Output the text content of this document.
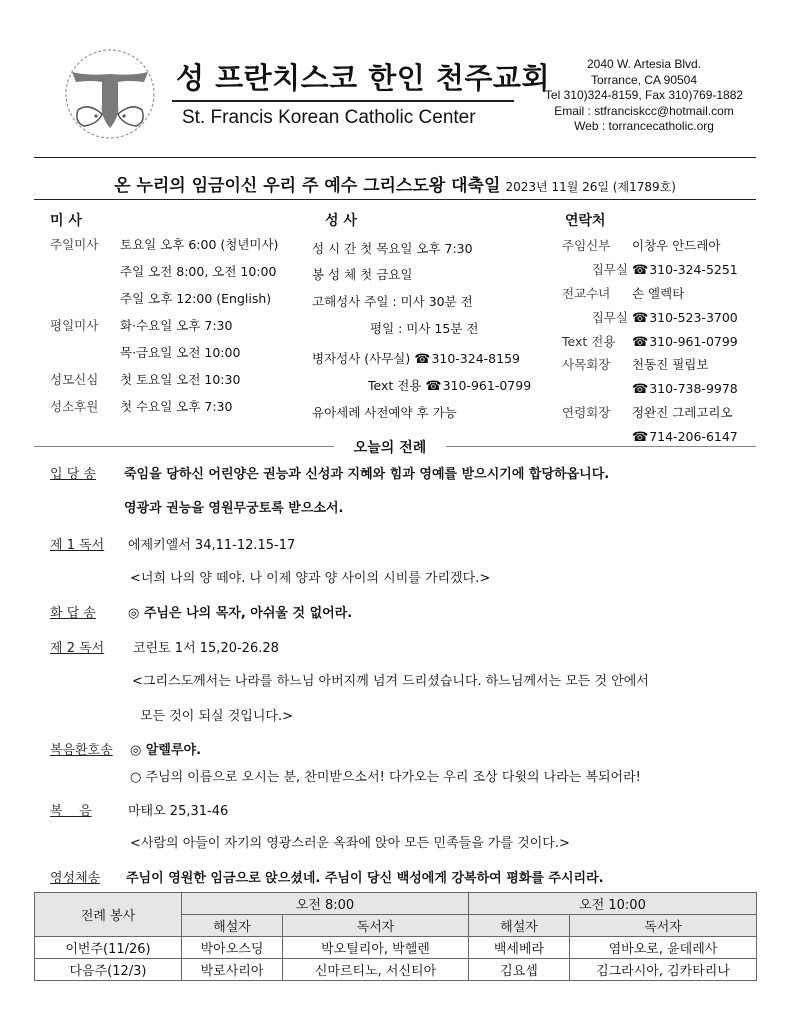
성 프란치스코 한인 천주교회
St. Francis Korean Catholic Center
2040 W. Artesia Blvd.
Torrance, CA 90504
Tel 310)324-8159, Fax 310)769-1882
Email : stfranciskcc@hotmail.com
Web : torrancecatholic.org
온 누리의 임금이신 우리 주 예수 그리스도왕 대축일 2023년 11월 26일 (제1789호)
미 사
주일미사 토요일 오후 6:00 (청년미사)
주일 오전 8:00, 오전 10:00
주일 오후 12:00 (English)
평일미사 화·수요일 오후 7:30
목·금요일 오전 10:00
성모신심 첫 토요일 오전 10:30
성소후원 첫 수요일 오후 7:30
성 사
성 시 간 첫 목요일 오후 7:30
봉 성 체 첫 금요일
고해성사 주일 : 미사 30분 전
평일 : 미사 15분 전
병자성사 (사무실) ☎ 310-324-8159
Text 전용 ☎ 310-961-0799
유아세례 사전예약 후 가능
연락처
주임신부 이창우 안드레아
집무실 ☎ 310-324-5251
전교수녀 손 엘렉타
집무실 ☎ 310-523-3700
Text 전용	☎ 310-961-0799
사목회장 천동진 필립보
☎ 310-738-9978
연령회장 정완진 그레고리오
☎ 714-206-6147
오늘의 전례
입 당 송 죽임을 당하신 어린양은 권능과 신성과 지혜와 힘과 영예를 받으시기에 합당하옵니다.
영광과 권능을 영원무궁토록 받으소서.
제 1 독서 에제키엘서 34,11-12.15-17
<너희 나의 양 떼야. 나 이제 양과 양 사이의 시비를 가리겠다.>
화 답 송 ◎ 주님은 나의 목자, 아쉬울 것 없어라.
제 2 독서 코린토 1서 15,20-26.28
<그리스도께서는 나라를 하느님 아버지께 넘겨 드리셨습니다. 하느님께서는 모든 것 안에서
모든 것이 되실 것입니다.>
복음환호송 ◎ 알렐루야.
○ 주님의 이름으로 오시는 분, 찬미받으소서! 다가오는 우리 조상 다윗의 나라는 복되어라!
복    음	마태오 25,31-46
<사람의 아들이 자기의 영광스러운 옥좌에 앉아 모든 민족들을 가를 것이다.>
영성체송 주님이 영원한 임금으로 앉으셨네. 주님이 당신 백성에게 강복하여 평화를 주시리라.
전례 봉사	오전 8:00		오전 10:00	
	해설자	독서자	해설자	독서자
이번주(11/26)	박아오스딩	박오틸리아, 박헬렌	백세베라	염바오로, 윤데레사
다음주(12/3)	박로사리아	신마르티노, 서신티아	김요셉	김그라시아, 김카타리나
